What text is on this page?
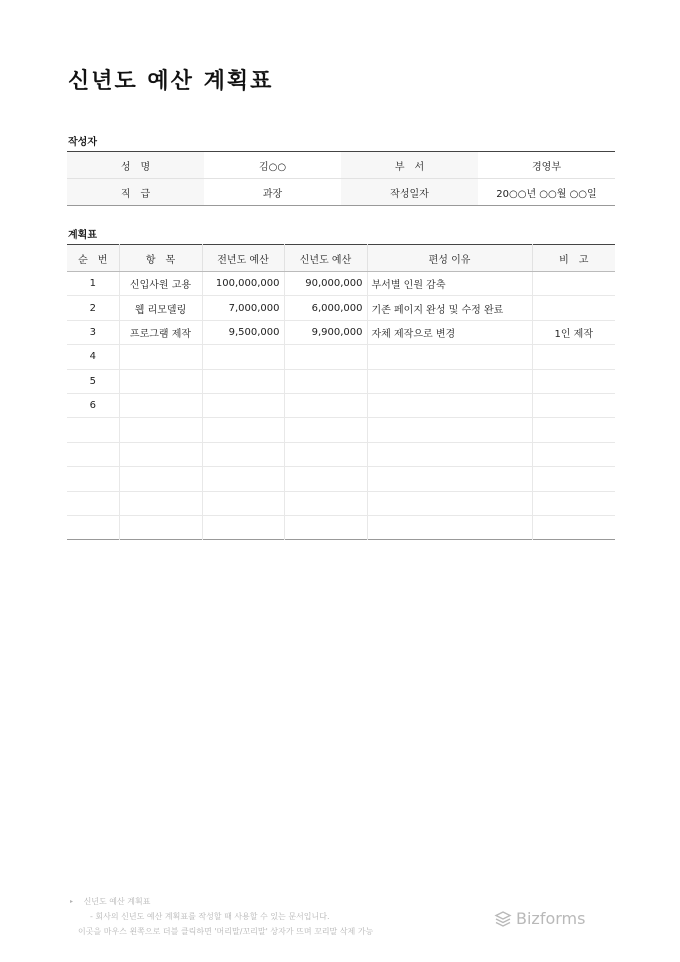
신년도 예산 계획표
작성자
성　명	김○○	부　서	경영부
직　급	과장	작성일자	20○○년 ○○월 ○○일
계획표
순　번	항　목	전년도 예산	신년도 예산	편성 이유	비　고
1	신입사원 고용	100,000,000	90,000,000	부서별 인원 감축	
2	웹 리모델링	7,000,000	6,000,000	기존 페이지 완성 및 수정 완료	
3	프로그램 제작	9,500,000	9,900,000	자체 제작으로 변경	1인 제작
4					
5					
6					

▸ 신년도 예산 계획표
- 회사의 신년도 예산 계획표를 작성할 때 사용할 수 있는 문서입니다.
이곳을 마우스 왼쪽으로 더블 클릭하면 '머리말/꼬리말' 상자가 뜨며 꼬리말 삭제 가능
Bizforms
